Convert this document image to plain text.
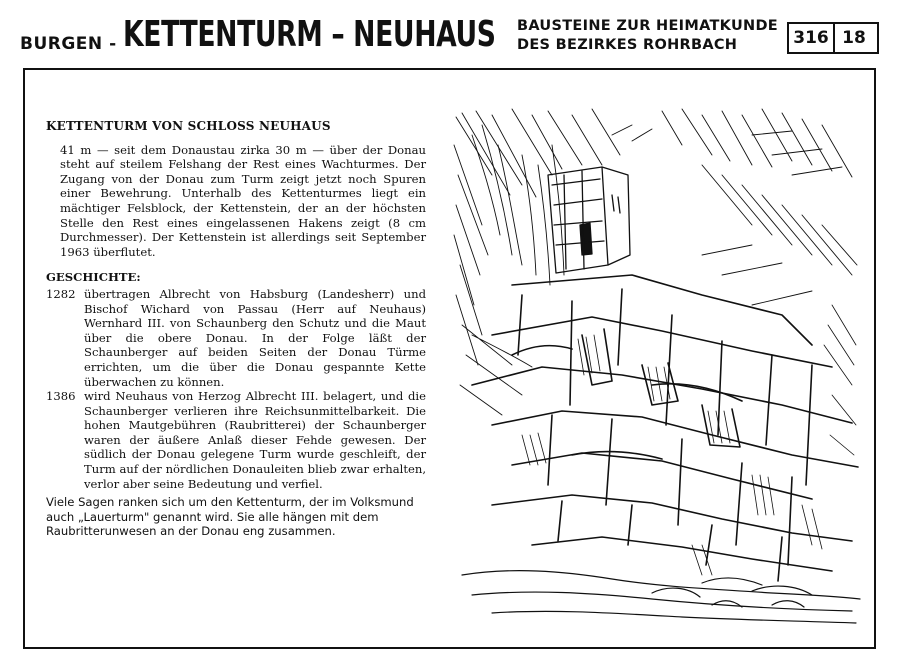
BURGEN - KETTENTURM – NEUHAUS BAUSTEINE ZUR HEIMATKUNDE
DES BEZIRKES ROHRBACH	316 18
KETTENTURM VON SCHLOSS NEUHAUS

41 m — seit dem Donaustau zirka 30 m — über der Donau steht auf steilem Felshang der Rest eines Wachturmes. Der Zugang von der Donau zum Turm zeigt jetzt noch Spuren einer Bewehrung. Unterhalb des Kettenturmes liegt ein mächtiger Felsblock, der Kettenstein, der an der höchsten Stelle den Rest eines eingelassenen Hakens zeigt (8 cm Durchmesser). Der Kettenstein ist allerdings seit September 1963 überflutet.

GESCHICHTE:

1282 übertragen Albrecht von Habsburg (Landesherr) und Bischof Wichard von Passau (Herr auf Neuhaus) Wernhard III. von Schaunberg den Schutz und die Maut über die obere Donau. In der Folge läßt der Schaunberger auf beiden Seiten der Donau Türme errichten, um die über die Donau gespannte Kette überwachen zu können.
1386 wird Neuhaus von Herzog Albrecht III. belagert, und die Schaunberger verlieren ihre Reichsunmittelbarkeit. Die hohen Mautgebühren (Raubritterei) der Schaunberger waren der äußere Anlaß dieser Fehde gewesen. Der südlich der Donau gelegene Turm wurde geschleift, der Turm auf der nördlichen Donauleiten blieb zwar erhalten, verlor aber seine Bedeutung und verfiel.

Viele Sagen ranken sich um den Kettenturm, der im Volksmund auch „Lauerturm" genannt wird. Sie alle hängen mit dem Raubritterunwesen an der Donau eng zusammen.
